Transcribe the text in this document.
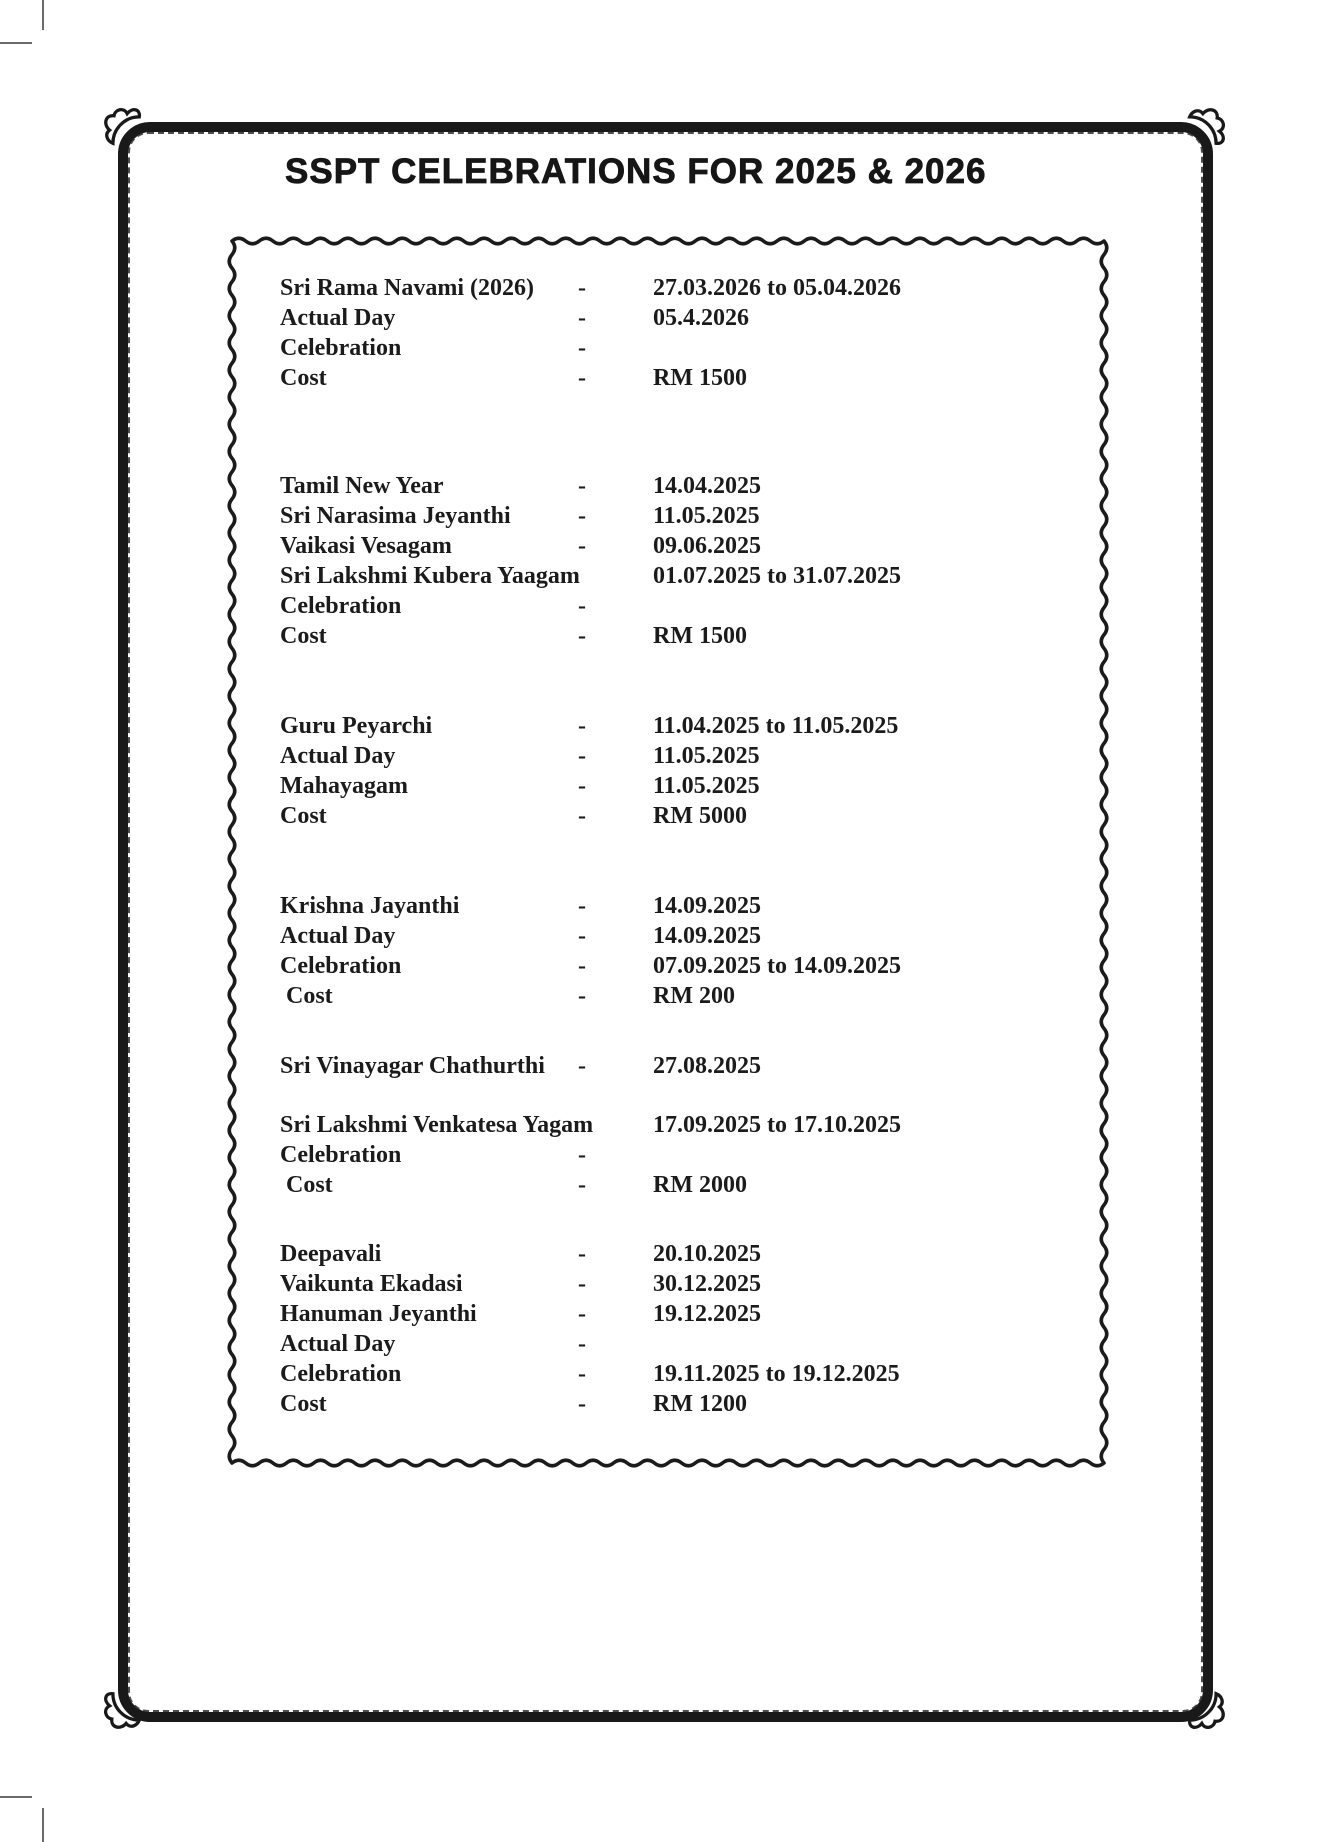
SSPT CELEBRATIONS FOR 2025 & 2026
Sri Rama Navami (2026)	-	27.03.2026 to 05.04.2026
Actual Day	-	05.4.2026
Celebration	-
Cost	-	RM 1500
Tamil New Year	-	14.04.2025
Sri Narasima Jeyanthi	-	11.05.2025
Vaikasi Vesagam	-	09.06.2025
Sri Lakshmi Kubera Yaagam	01.07.2025 to 31.07.2025
Celebration	-
Cost	-	RM 1500
Guru Peyarchi	-	11.04.2025 to 11.05.2025
Actual Day	-	11.05.2025
Mahayagam	-	11.05.2025
Cost	-	RM 5000
Krishna Jayanthi	-	14.09.2025
Actual Day	-	14.09.2025
Celebration	-	07.09.2025 to 14.09.2025
Cost	-	RM 200
Sri Vinayagar Chathurthi	-	27.08.2025
Sri Lakshmi Venkatesa Yagam 17.09.2025 to 17.10.2025
Celebration	-
Cost	-	RM 2000
Deepavali	-	20.10.2025
Vaikunta Ekadasi	-	30.12.2025
Hanuman Jeyanthi	-	19.12.2025
Actual Day	-
Celebration	-	19.11.2025 to 19.12.2025
Cost	-	RM 1200
